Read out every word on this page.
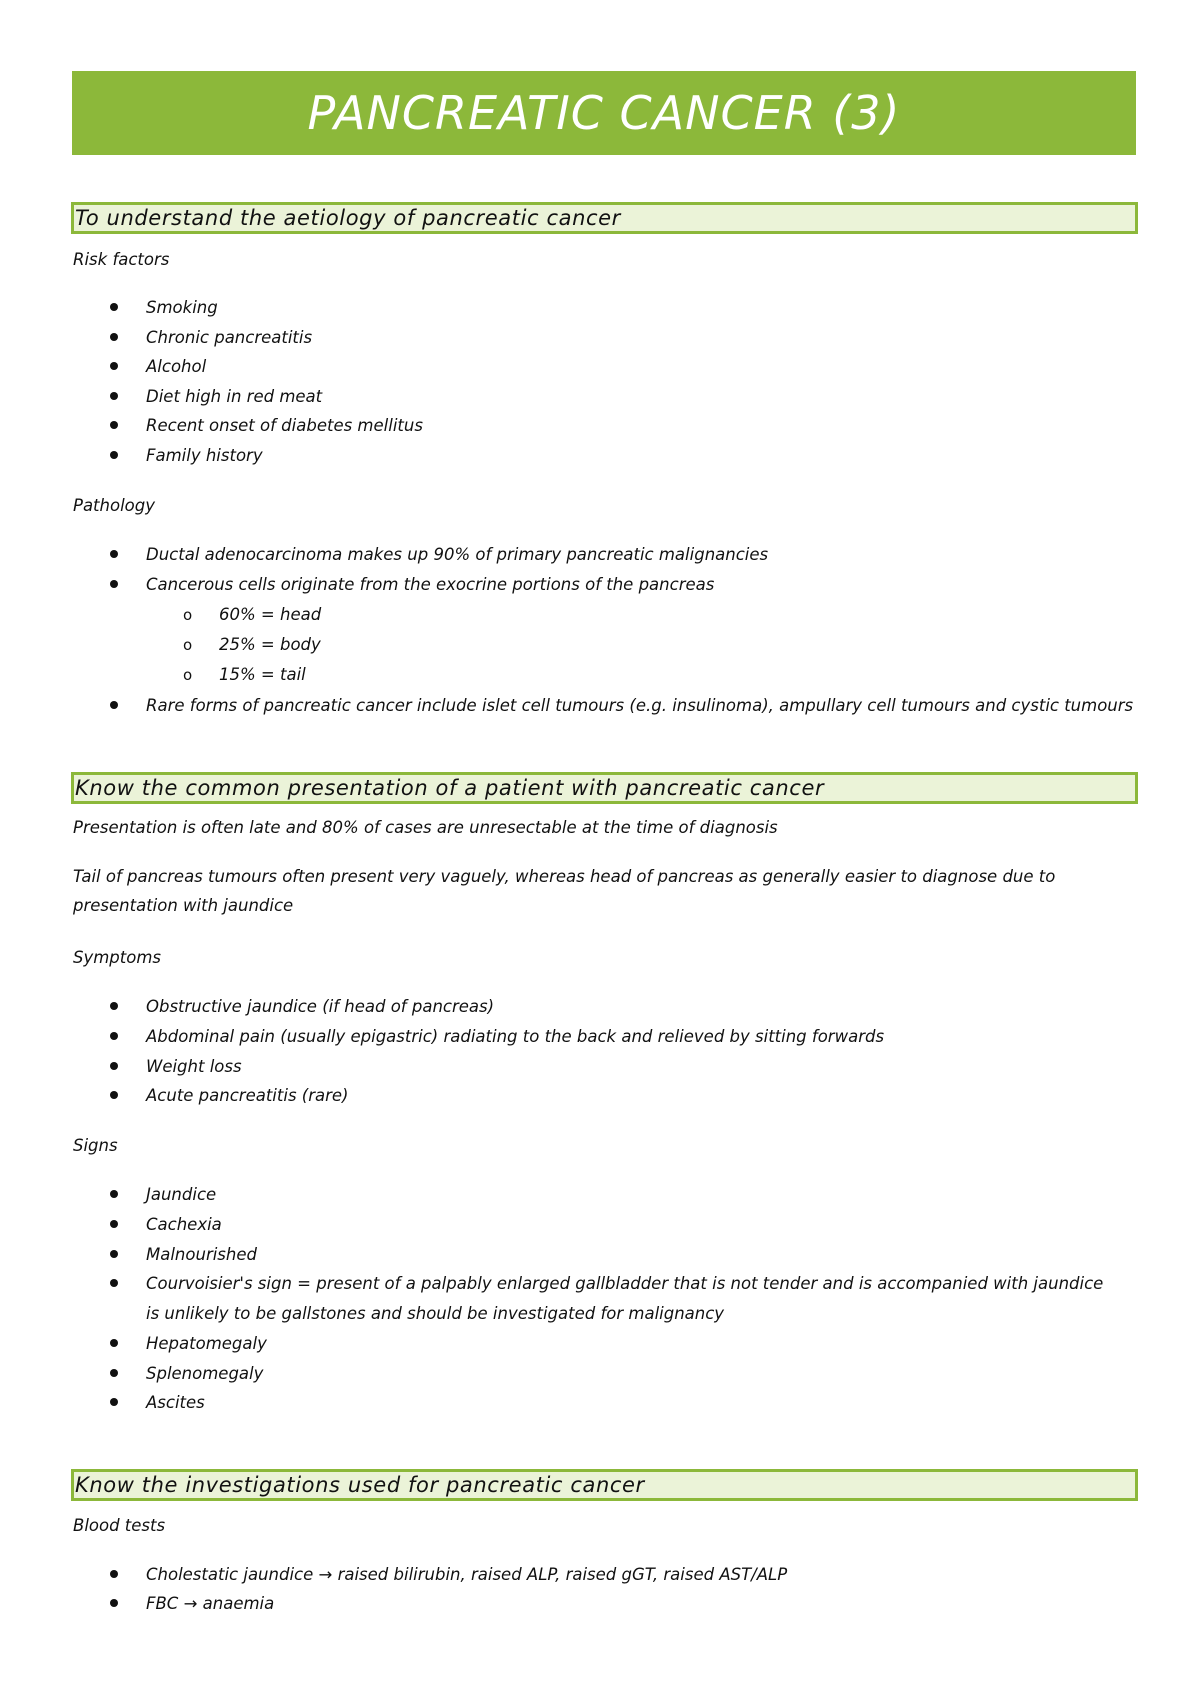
PANCREATIC CANCER (3)
To understand the aetiology of pancreatic cancer
Risk factors
Smoking
Chronic pancreatitis
Alcohol
Diet high in red meat
Recent onset of diabetes mellitus
Family history
Pathology
Ductal adenocarcinoma makes up 90% of primary pancreatic malignancies
Cancerous cells originate from the exocrine portions of the pancreas
o 60% = head
o 25% = body
o 15% = tail
Rare forms of pancreatic cancer include islet cell tumours (e.g. insulinoma), ampullary cell tumours and cystic tumours
Know the common presentation of a patient with pancreatic cancer
Presentation is often late and 80% of cases are unresectable at the time of diagnosis
Tail of pancreas tumours often present very vaguely, whereas head of pancreas as generally easier to diagnose due to presentation with jaundice
Symptoms
Obstructive jaundice (if head of pancreas)
Abdominal pain (usually epigastric) radiating to the back and relieved by sitting forwards
Weight loss
Acute pancreatitis (rare)
Signs
Jaundice
Cachexia
Malnourished
Courvoisier's sign = present of a palpably enlarged gallbladder that is not tender and is accompanied with jaundice is unlikely to be gallstones and should be investigated for malignancy
Hepatomegaly
Splenomegaly
Ascites
Know the investigations used for pancreatic cancer
Blood tests
Cholestatic jaundice → raised bilirubin, raised ALP, raised gGT, raised AST/ALP
FBC → anaemia
